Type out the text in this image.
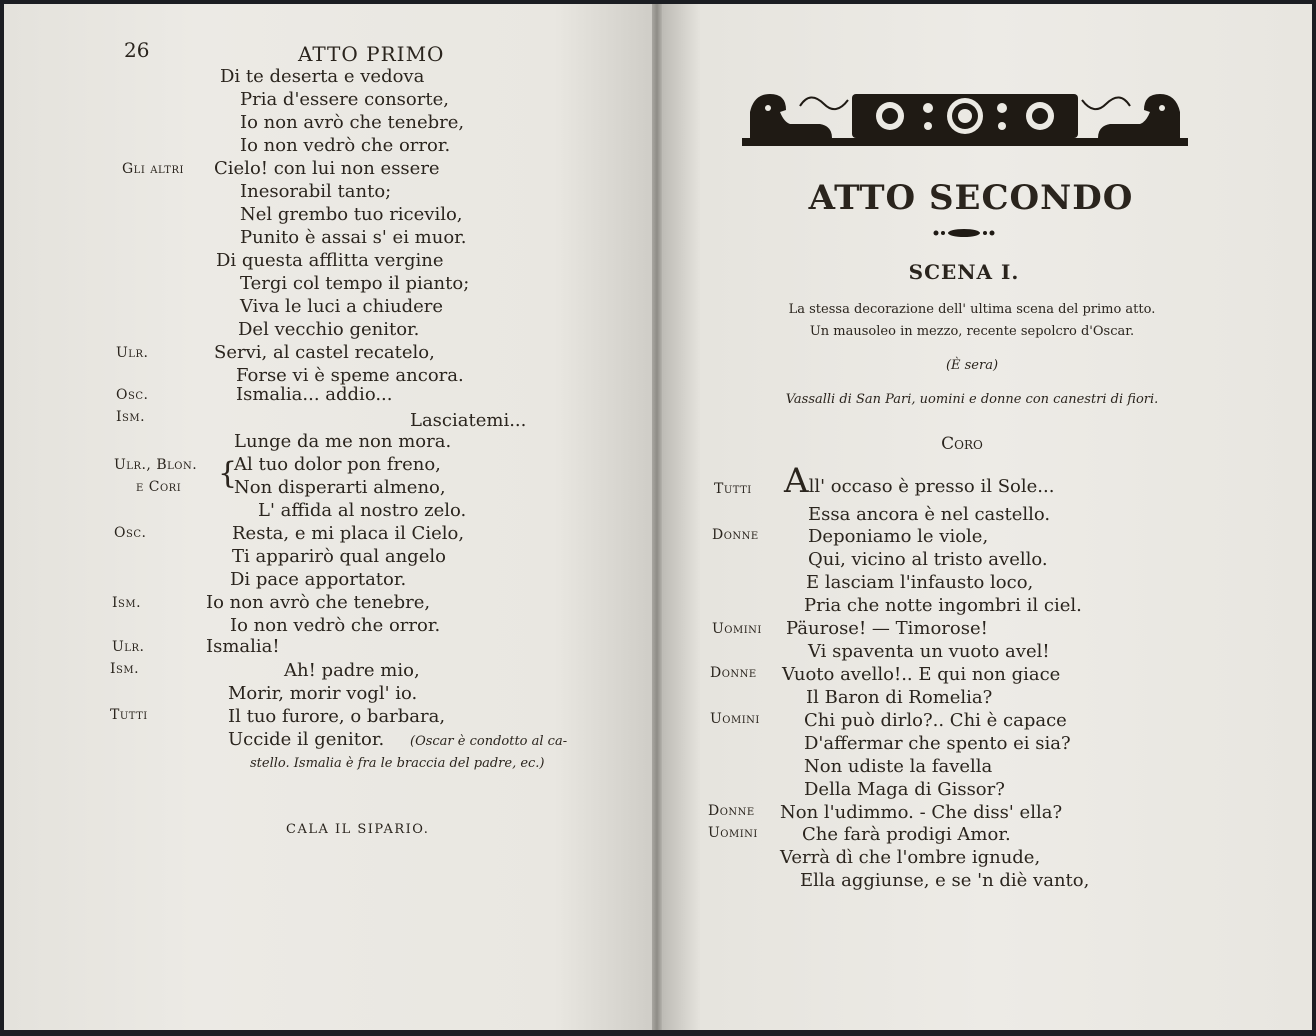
26	ATTO PRIMO
Di te deserta e vedova
Pria d'essere consorte,
Io non avrò che tenebre,
Io non vedrò che orror.
Gli altri Cielo! con lui non essere
Inesorabil tanto;
Nel grembo tuo ricevilo,
Punito è assai s' ei muor.
Di questa afflitta vergine
Tergi col tempo il pianto;
Viva le luci a chiudere
Del vecchio genitor.
Ulr.	Servi, al castel recatelo,
Forse vi è speme ancora.
Osc.	Ismalia... addio...
Ism.	Lasciatemi...
Lunge da me non mora.
Ulr., Blon.
e Cori {
Al tuo dolor pon freno,
Non disperarti almeno,
L' affida al nostro zelo.
Osc.	Resta, e mi placa il Cielo,
Ti apparirò qual angelo
Di pace apportator.
Ism.	Io non avrò che tenebre,
Io non vedrò che orror.
Ulr.	Ismalia!
Ism.	Ah! padre mio,
Morir, morir vogl' io.
Tutti	Il tuo furore, o barbara,
Uccide il genitor. (Oscar è condotto al ca-
stello. Ismalia è fra le braccia del padre, ec.)
CALA IL SIPARIO.
ATTO SECONDO
SCENA I.
La stessa decorazione dell' ultima scena del primo atto.
Un mausoleo in mezzo, recente sepolcro d'Oscar.
(È sera)
Vassalli di San Pari, uomini e donne con canestri di fiori.
Coro
Tutti All' occaso è presso il Sole...
Essa ancora è nel castello.
Donne	Deponiamo le viole,
Qui, vicino al tristo avello.
E lasciam l'infausto loco,
Pria che notte ingombri il ciel.
Uomini Päurose! — Timorose!
Vi spaventa un vuoto avel!
Donne Vuoto avello!.. E qui non giace
Il Baron di Romelia?
Uomini Chi può dirlo?.. Chi è capace
D'affermar che spento ei sia?
Non udiste la favella
Della Maga di Gissor?
Donne Non l'udimmo. - Che diss' ella?
Uomini Che farà prodigi Amor.
Verrà dì che l'ombre ignude,
Ella aggiunse, e se 'n diè vanto,
